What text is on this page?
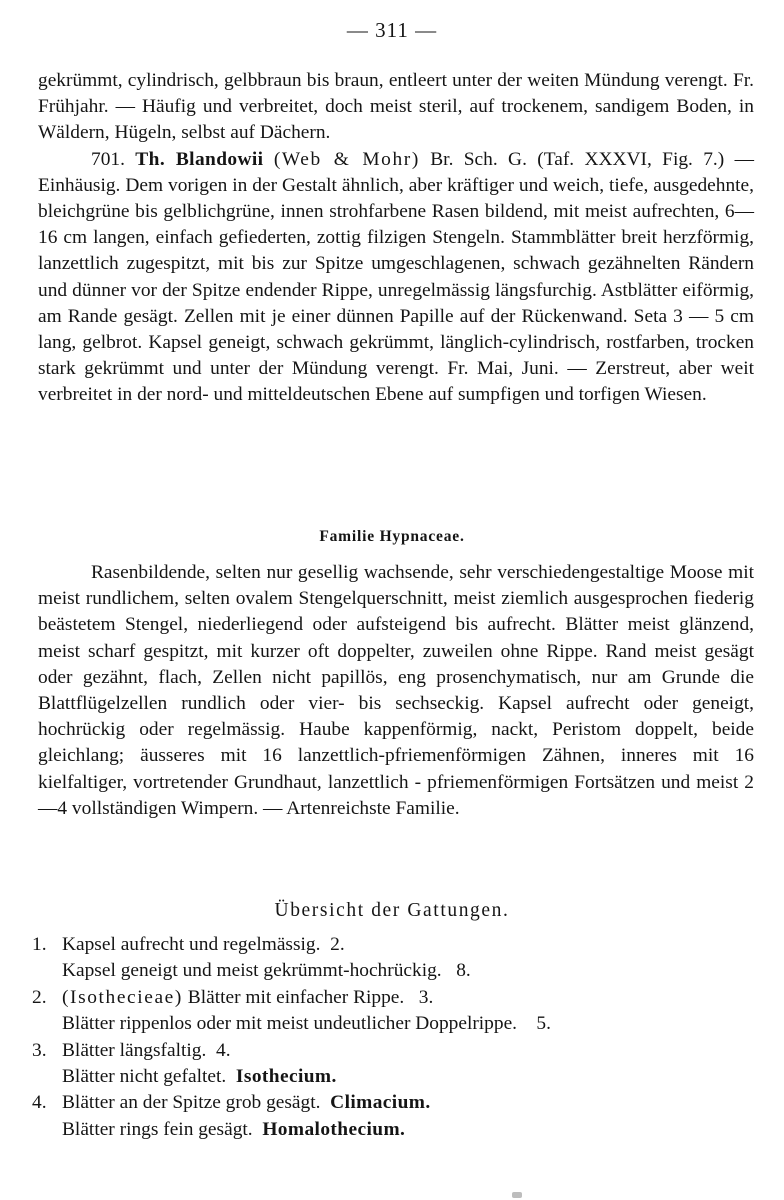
— 311 —

gekrümmt, cylindrisch, gelbbraun bis braun, entleert unter der weiten Mündung verengt. Fr. Frühjahr. — Häufig und verbreitet, doch meist steril, auf trockenem, sandigem Boden, in Wäldern, Hügeln, selbst auf Dächern.

701. Th. Blandowii (Web & Mohr) Br. Sch. G. (Taf. XXXVI, Fig. 7.) — Einhäusig. Dem vorigen in der Gestalt ähnlich, aber kräftiger und weich, tiefe, ausgedehnte, bleichgrüne bis gelblichgrüne, innen strohfarbene Rasen bildend, mit meist aufrechten, 6—16 cm langen, einfach gefiederten, zottig filzigen Stengeln. Stammblätter breit herzförmig, lanzettlich zugespitzt, mit bis zur Spitze umgeschlagenen, schwach gezähnelten Rändern und dünner vor der Spitze endender Rippe, unregelmässig längsfurchig. Astblätter eiförmig, am Rande gesägt. Zellen mit je einer dünnen Papille auf der Rückenwand. Seta 3 — 5 cm lang, gelbrot. Kapsel geneigt, schwach gekrümmt, länglich-cylindrisch, rostfarben, trocken stark gekrümmt und unter der Mündung verengt. Fr. Mai, Juni. — Zerstreut, aber weit verbreitet in der nord- und mitteldeutschen Ebene auf sumpfigen und torfigen Wiesen.

Familie Hypnaceae.

Rasenbildende, selten nur gesellig wachsende, sehr verschiedengestaltige Moose mit meist rundlichem, selten ovalem Stengelquerschnitt, meist ziemlich ausgesprochen fiederig beästetem Stengel, niederliegend oder aufsteigend bis aufrecht. Blätter meist glänzend, meist scharf gespitzt, mit kurzer oft doppelter, zuweilen ohne Rippe. Rand meist gesägt oder gezähnt, flach, Zellen nicht papillös, eng prosenchymatisch, nur am Grunde die Blattflügelzellen rundlich oder vier- bis sechseckig. Kapsel aufrecht oder geneigt, hochrückig oder regelmässig. Haube kappenförmig, nackt, Peristom doppelt, beide gleichlang; äusseres mit 16 lanzettlich-pfriemenförmigen Zähnen, inneres mit 16 kielfaltiger, vortretender Grundhaut, lanzettlich - pfriemenförmigen Fortsätzen und meist 2—4 vollständigen Wimpern. — Artenreichste Familie.

Übersicht der Gattungen.
1. Kapsel aufrecht und regelmässig. 2.
Kapsel geneigt und meist gekrümmt-hochrückig. 8.
2. (Isothecieae) Blätter mit einfacher Rippe. 3.
Blätter rippenlos oder mit meist undeutlicher Doppelrippe. 5.
3. Blätter längsfaltig. 4.
Blätter nicht gefaltet. Isothecium.
4. Blätter an der Spitze grob gesägt. Climacium.
Blätter rings fein gesägt. Homalothecium.
